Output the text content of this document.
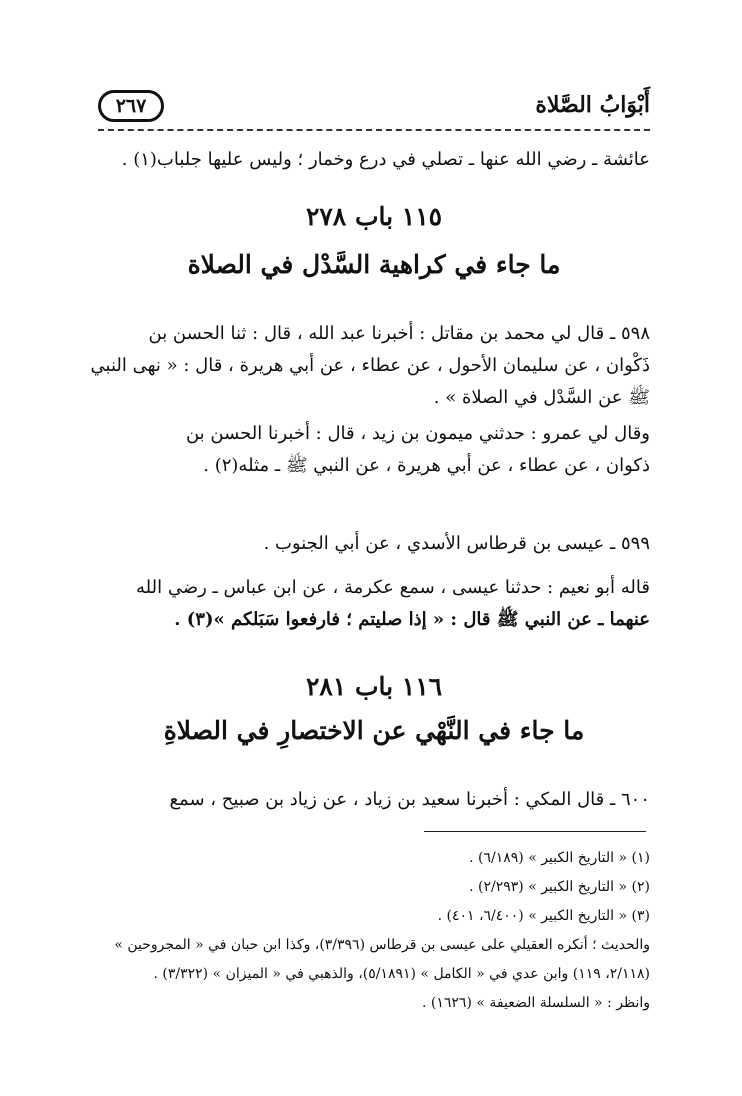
أَبْوَابُ الصَّلاة
٢٦٧
عائشة ـ رضي الله عنها ـ تصلي في درع وخمار ؛ وليس عليها جلباب(١) .
١١٥ باب ٢٧٨
ما جاء في كراهية السَّدْل في الصلاة
٥٩٨ ـ قال لي محمد بن مقاتل : أخبرنا عبد الله ، قال : ثنا الحسن بن
ذَكْوان ، عن سليمان الأحول ، عن عطاء ، عن أبي هريرة ، قال : « نهى النبي
ﷺ عن السَّدْل في الصلاة » .
وقال لي عمرو : حدثني ميمون بن زيد ، قال : أخبرنا الحسن بن
ذكوان ، عن عطاء ، عن أبي هريرة ، عن النبي ﷺ ـ مثله(٢) .
٥٩٩ ـ عيسى بن قرطاس الأسدي ، عن أبي الجنوب .
قاله أبو نعيم : حدثنا عيسى ، سمع عكرمة ، عن ابن عباس ـ رضي الله
عنهما ـ عن النبي ﷺ قال : « إذا صليتم ؛ فارفعوا سَبَلكم »(٣) .
١١٦ باب ٢٨١
ما جاء في النَّهْي عن الاختصارِ في الصلاةِ
٦٠٠ ـ قال المكي : أخبرنا سعيد بن زياد ، عن زياد بن صبيح ، سمع
(١) « التاريخ الكبير » (٦/١٨٩) .
(٢) « التاريخ الكبير » (٢/٢٩٣) .
(٣) « التاريخ الكبير » (٦/٤٠٠، ٤٠١) .
والحديث ؛ أنكره العقيلي على عيسى بن قرطاس (٣/٣٩٦)، وكذا ابن حبان في « المجروحين »
(٢/١١٨، ١١٩) وابن عدي في « الكامل » (٥/١٨٩١)، والذهبي في « الميزان » (٣/٣٢٢) .
وانظر : « السلسلة الضعيفة » (١٦٢٦) .
